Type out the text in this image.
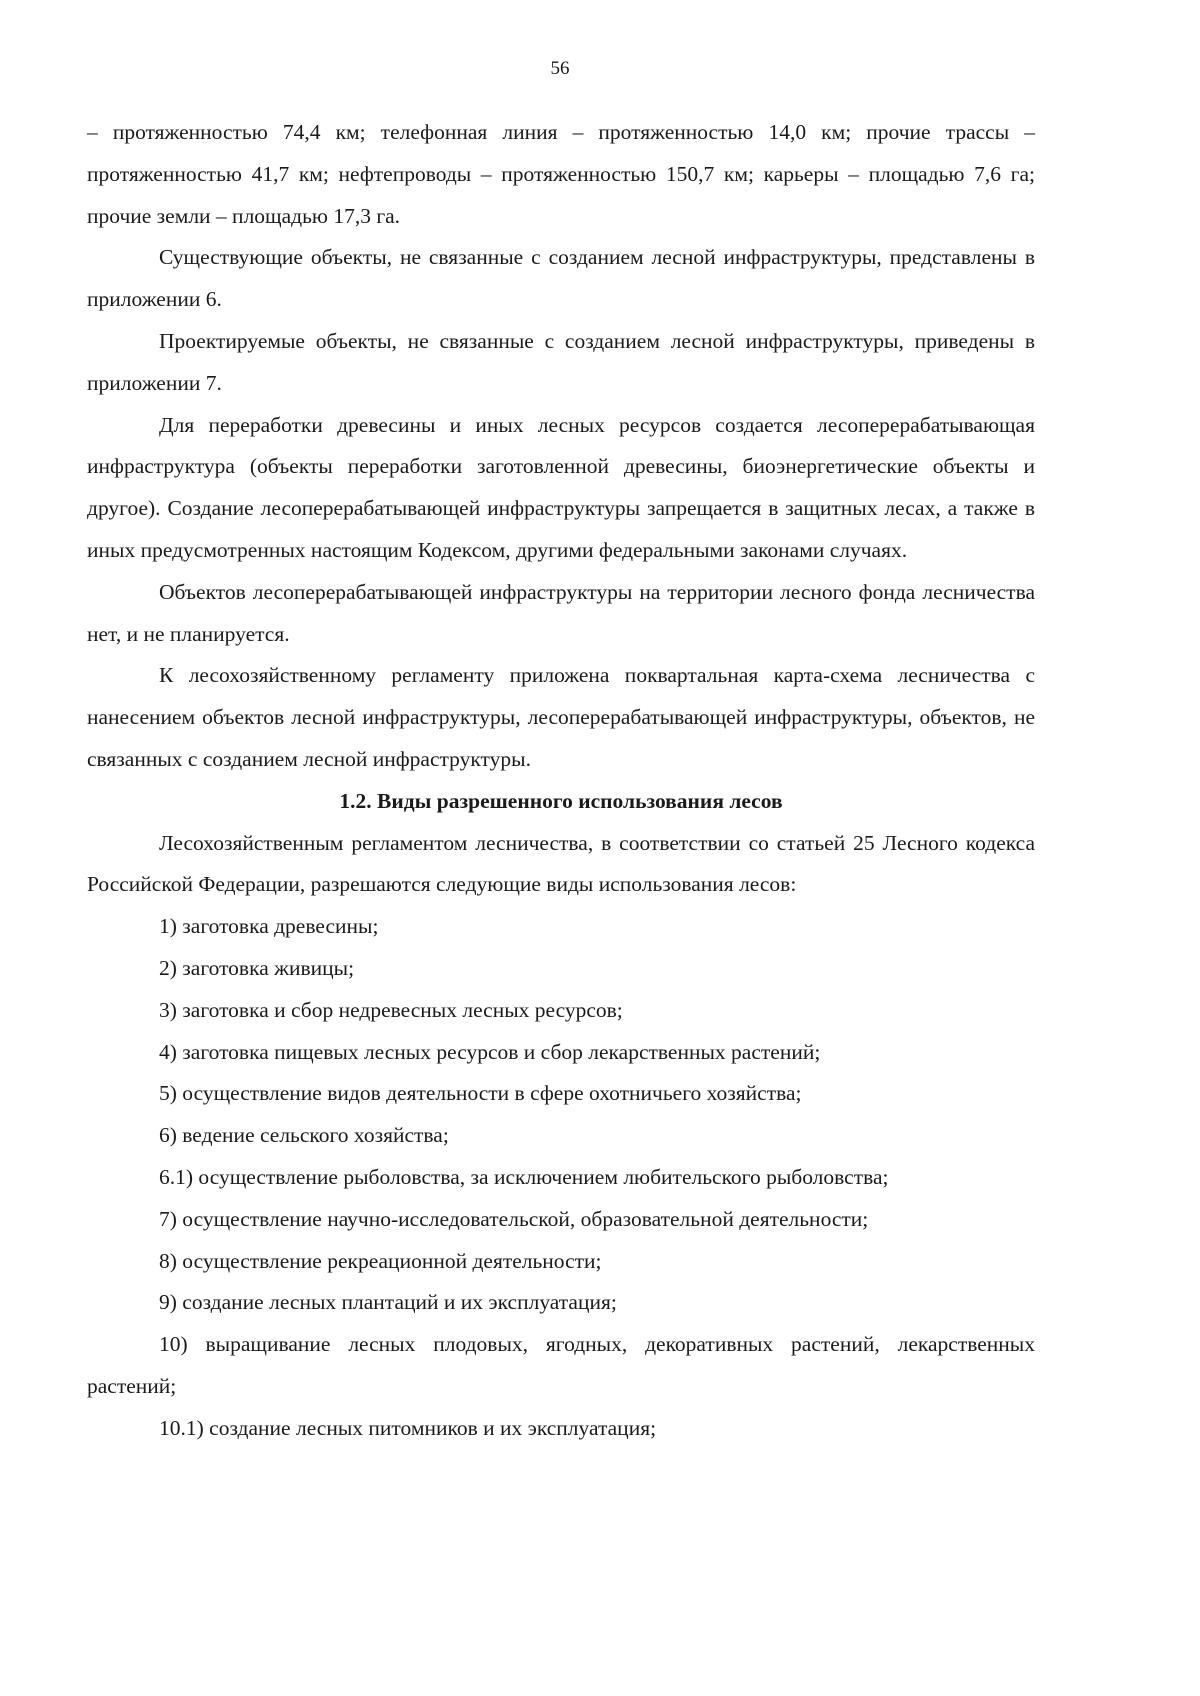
56

– протяженностью 74,4 км; телефонная линия – протяженностью 14,0 км; прочие трассы – протяженностью 41,7 км; нефтепроводы – протяженностью 150,7 км; карьеры – площадью 7,6 га; прочие земли – площадью 17,3 га.

Существующие объекты, не связанные с созданием лесной инфраструктуры, представлены в приложении 6.

Проектируемые объекты, не связанные с созданием лесной инфраструктуры, приведены в приложении 7.

Для переработки древесины и иных лесных ресурсов создается лесоперерабатывающая инфраструктура (объекты переработки заготовленной древесины, биоэнергетические объекты и другое). Создание лесоперерабатывающей инфраструктуры запрещается в защитных лесах, а также в иных предусмотренных настоящим Кодексом, другими федеральными законами случаях.

Объектов лесоперерабатывающей инфраструктуры на территории лесного фонда лесничества нет, и не планируется.

К лесохозяйственному регламенту приложена поквартальная карта-схема лесничества с нанесением объектов лесной инфраструктуры, лесоперерабатывающей инфраструктуры, объектов, не связанных с созданием лесной инфраструктуры.

1.2. Виды разрешенного использования лесов

Лесохозяйственным регламентом лесничества, в соответствии со статьей 25 Лесного кодекса Российской Федерации, разрешаются следующие виды использования лесов:

1) заготовка древесины;

2) заготовка живицы;

3) заготовка и сбор недревесных лесных ресурсов;

4) заготовка пищевых лесных ресурсов и сбор лекарственных растений;

5) осуществление видов деятельности в сфере охотничьего хозяйства;

6) ведение сельского хозяйства;

6.1) осуществление рыболовства, за исключением любительского рыболовства;

7) осуществление научно-исследовательской, образовательной деятельности;

8) осуществление рекреационной деятельности;

9) создание лесных плантаций и их эксплуатация;

10) выращивание лесных плодовых, ягодных, декоративных растений, лекарственных растений;

10.1) создание лесных питомников и их эксплуатация;
